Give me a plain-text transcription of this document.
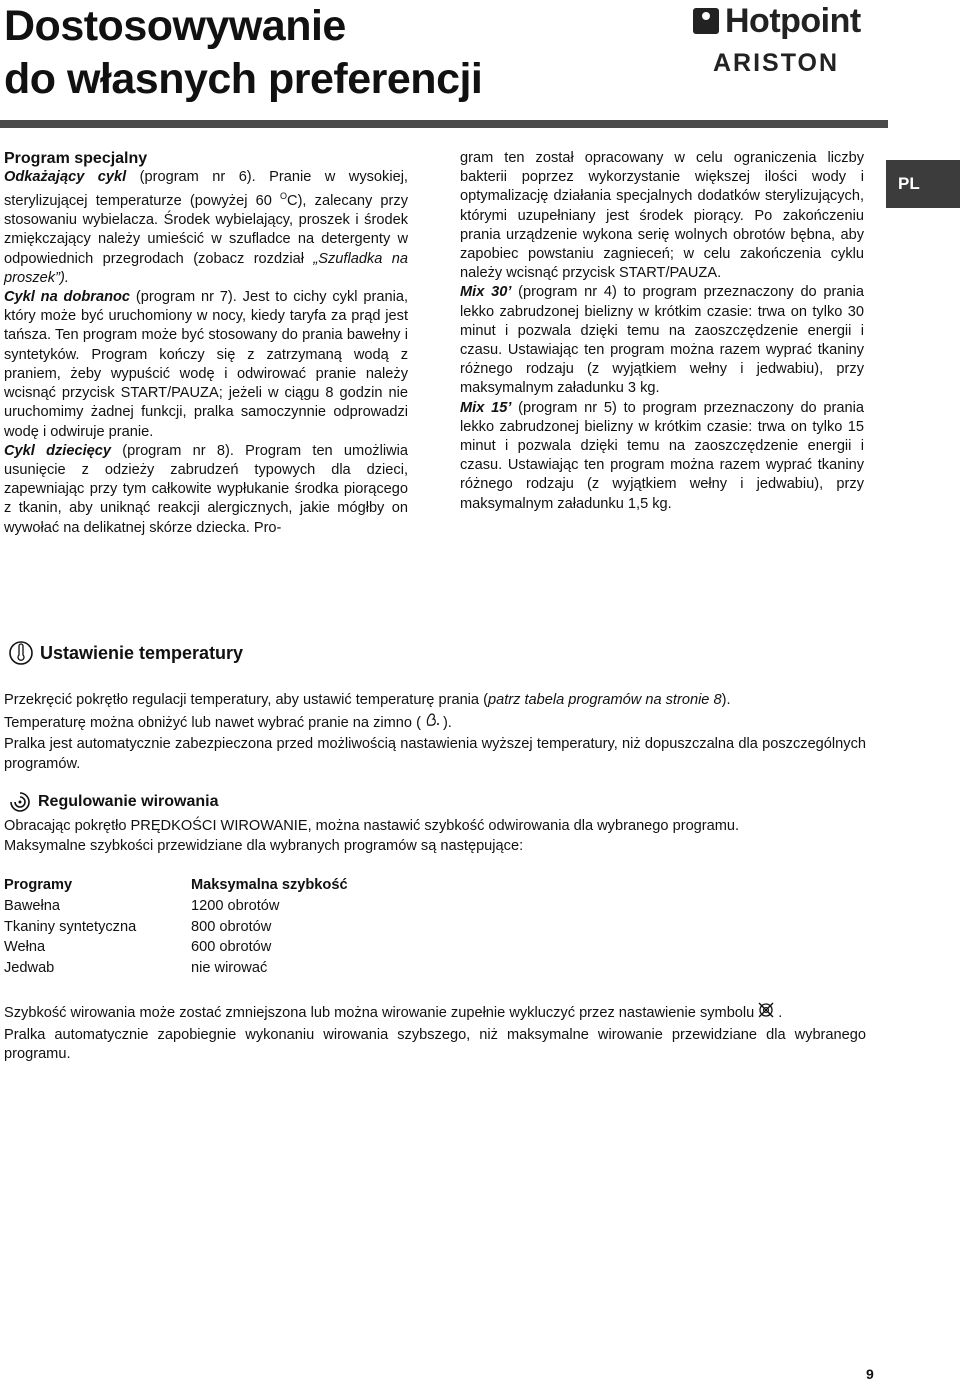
Dostosowywanie
do własnych preferencji
Hotpoint
ARISTON
PL

Program specjalny

Odkażający cykl (program nr 6). Pranie w wysokiej, sterylizującej temperaturze (powyżej 60 $^O$C), zalecany przy stosowaniu wybielacza. Środek wybielający, proszek i środek zmiękczający należy umieścić w szufladce na detergenty w odpowiednich przegrodach (zobacz rozdział „Szufladka na proszek”).

Cykl na dobranoc (program nr 7). Jest to cichy cykl prania, który może być uruchomiony w nocy, kiedy taryfa za prąd jest tańsza. Ten program może być stosowany do prania bawełny i syntetyków. Program kończy się z zatrzymaną wodą z praniem, żeby wypuścić wodę i odwirować pranie należy wcisnąć przycisk START/PAUZA; jeżeli w ciągu 8 godzin nie uruchomimy żadnej funkcji, pralka samoczynnie odprowadzi wodę i odwiruje pranie.

Cykl dziecięcy (program nr 8). Program ten umożliwia usunięcie z odzieży zabrudzeń typowych dla dzieci, zapewniając przy tym całkowite wypłukanie środka piorącego z tkanin, aby uniknąć reakcji alergicznych, jakie mógłby on wywołać na delikatnej skórze dziecka. Pro-

gram ten został opracowany w celu ograniczenia liczby bakterii poprzez wykorzystanie większej ilości wody i optymalizację działania specjalnych dodatków sterylizujących, którymi uzupełniany jest środek piorący. Po zakończeniu prania urządzenie wykona serię wolnych obrotów bębna, aby zapobiec powstaniu zagnieceń; w celu zakończenia cyklu należy wcisnąć przycisk START/PAUZA.

Mix 30’ (program nr 4) to program przeznaczony do prania lekko zabrudzonej bielizny w krótkim czasie: trwa on tylko 30 minut i pozwala dzięki temu na zaoszczędzenie energii i czasu. Ustawiając ten program można razem wyprać tkaniny różnego rodzaju (z wyjątkiem wełny i jedwabiu), przy maksymalnym załadunku 3 kg.

Mix 15’ (program nr 5) to program przeznaczony do prania lekko zabrudzonej bielizny w krótkim czasie: trwa on tylko 15 minut i pozwala dzięki temu na zaoszczędzenie energii i czasu. Ustawiając ten program można razem wyprać tkaniny różnego rodzaju (z wyjątkiem wełny i jedwabiu), przy maksymalnym załadunku 1,5 kg.

Ustawienie temperatury

Przekręcić pokrętło regulacji temperatury, aby ustawić temperaturę prania (patrz tabela programów na stronie 8).
Temperaturę można obniżyć lub nawet wybrać pranie na zimno ( ).
Pralka jest automatycznie zabezpieczona przed możliwością nastawienia wyższej temperatury, niż dopuszczalna dla poszczególnych programów.

Regulowanie wirowania

Obracając pokrętło PRĘDKOŚCI WIROWANIE, można nastawić szybkość odwirowania dla wybranego programu.
Maksymalne szybkości przewidziane dla wybranych programów są następujące:

Programy	Maksymalna szybkość
Bawełna	1200 obrotów
Tkaniny syntetyczna	800 obrotów
Wełna	600 obrotów
Jedwab	nie wirować

Szybkość wirowania może zostać zmniejszona lub można wirowanie zupełnie wykluczyć przez nastawienie symbolu .
Pralka automatycznie zapobiegnie wykonaniu wirowania szybszego, niż maksymalne wirowanie przewidziane dla wybranego programu.

9
